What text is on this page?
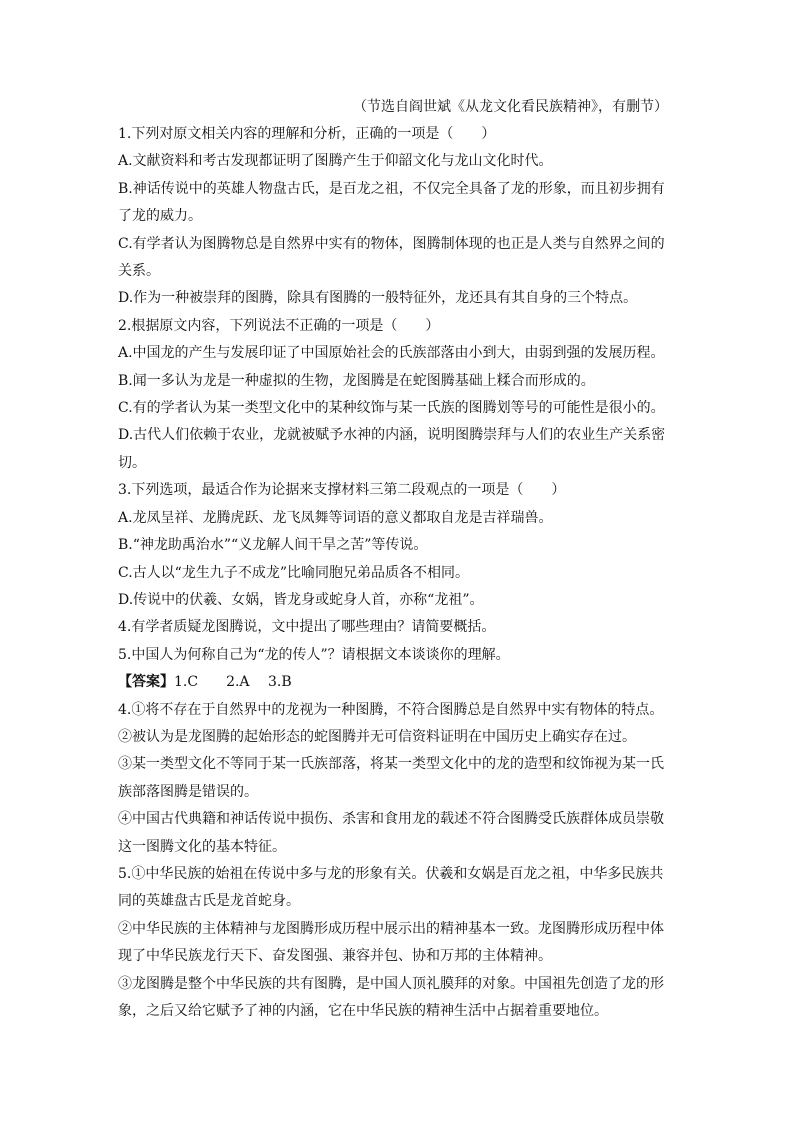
（节选自阎世斌《从龙文化看民族精神》，有删节）

1.下列对原文相关内容的理解和分析，正确的一项是（　　）

A.文献资料和考古发现都证明了图腾产生于仰韶文化与龙山文化时代。

B.神话传说中的英雄人物盘古氏，是百龙之祖，不仅完全具备了龙的形象，而且初步拥有

了龙的威力。

C.有学者认为图腾物总是自然界中实有的物体，图腾制体现的也正是人类与自然界之间的

关系。

D.作为一种被崇拜的图腾，除具有图腾的一般特征外，龙还具有其自身的三个特点。

2.根据原文内容，下列说法不正确的一项是（　　）

A.中国龙的产生与发展印证了中国原始社会的氏族部落由小到大，由弱到强的发展历程。

B.闻一多认为龙是一种虚拟的生物，龙图腾是在蛇图腾基础上糅合而形成的。

C.有的学者认为某一类型文化中的某种纹饰与某一氏族的图腾划等号的可能性是很小的。

D.古代人们依赖于农业，龙就被赋予水神的内涵，说明图腾崇拜与人们的农业生产关系密

切。

3.下列选项，最适合作为论据来支撑材料三第二段观点的一项是（　　）

A.龙凤呈祥、龙腾虎跃、龙飞凤舞等词语的意义都取自龙是吉祥瑞兽。

B.“神龙助禹治水”“义龙解人间干旱之苦”等传说。

C.古人以“龙生九子不成龙”比喻同胞兄弟品质各不相同。

D.传说中的伏羲、女娲，皆龙身或蛇身人首，亦称“龙祖”。

4.有学者质疑龙图腾说，文中提出了哪些理由？请简要概括。

5.中国人为何称自己为“龙的传人”？请根据文本谈谈你的理解。

【答案】1.C　　2.A　 3.B

4.①将不存在于自然界中的龙视为一种图腾，不符合图腾总是自然界中实有物体的特点。

②被认为是龙图腾的起始形态的蛇图腾并无可信资料证明在中国历史上确实存在过。

③某一类型文化不等同于某一氏族部落，将某一类型文化中的龙的造型和纹饰视为某一氏

族部落图腾是错误的。

④中国古代典籍和神话传说中损伤、杀害和食用龙的载述不符合图腾受氏族群体成员崇敬

这一图腾文化的基本特征。

5.①中华民族的始祖在传说中多与龙的形象有关。伏羲和女娲是百龙之祖，中华多民族共

同的英雄盘古氏是龙首蛇身。

②中华民族的主体精神与龙图腾形成历程中展示出的精神基本一致。龙图腾形成历程中体

现了中华民族龙行天下、奋发图强、兼容并包、协和万邦的主体精神。

③龙图腾是整个中华民族的共有图腾，是中国人顶礼膜拜的对象。中国祖先创造了龙的形

象，之后又给它赋予了神的内涵，它在中华民族的精神生活中占据着重要地位。
